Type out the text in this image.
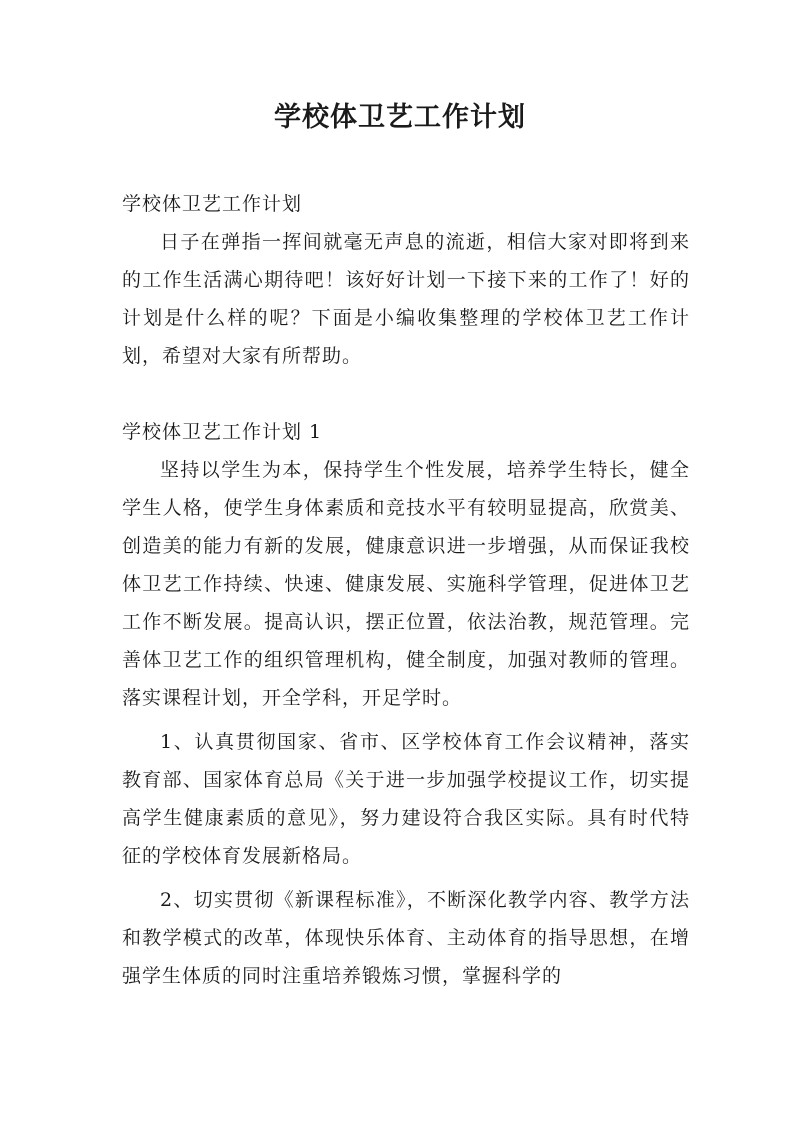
学校体卫艺工作计划

学校体卫艺工作计划

日子在弹指一挥间就毫无声息的流逝，相信大家对即将到来的工作生活满心期待吧！该好好计划一下接下来的工作了！好的计划是什么样的呢？下面是小编收集整理的学校体卫艺工作计划，希望对大家有所帮助。

学校体卫艺工作计划 1

坚持以学生为本，保持学生个性发展，培养学生特长，健全学生人格，使学生身体素质和竞技水平有较明显提高，欣赏美、创造美的能力有新的发展，健康意识进一步增强，从而保证我校体卫艺工作持续、快速、健康发展、实施科学管理，促进体卫艺工作不断发展。提高认识，摆正位置，依法治教，规范管理。完善体卫艺工作的组织管理机构，健全制度，加强对教师的管理。落实课程计划，开全学科，开足学时。

1、认真贯彻国家、省市、区学校体育工作会议精神，落实教育部、国家体育总局《关于进一步加强学校提议工作，切实提高学生健康素质的意见》，努力建设符合我区实际。具有时代特征的学校体育发展新格局。

2、切实贯彻《新课程标准》，不断深化教学内容、教学方法和教学模式的改革，体现快乐体育、主动体育的指导思想，在增强学生体质的同时注重培养锻炼习惯，掌握科学的
